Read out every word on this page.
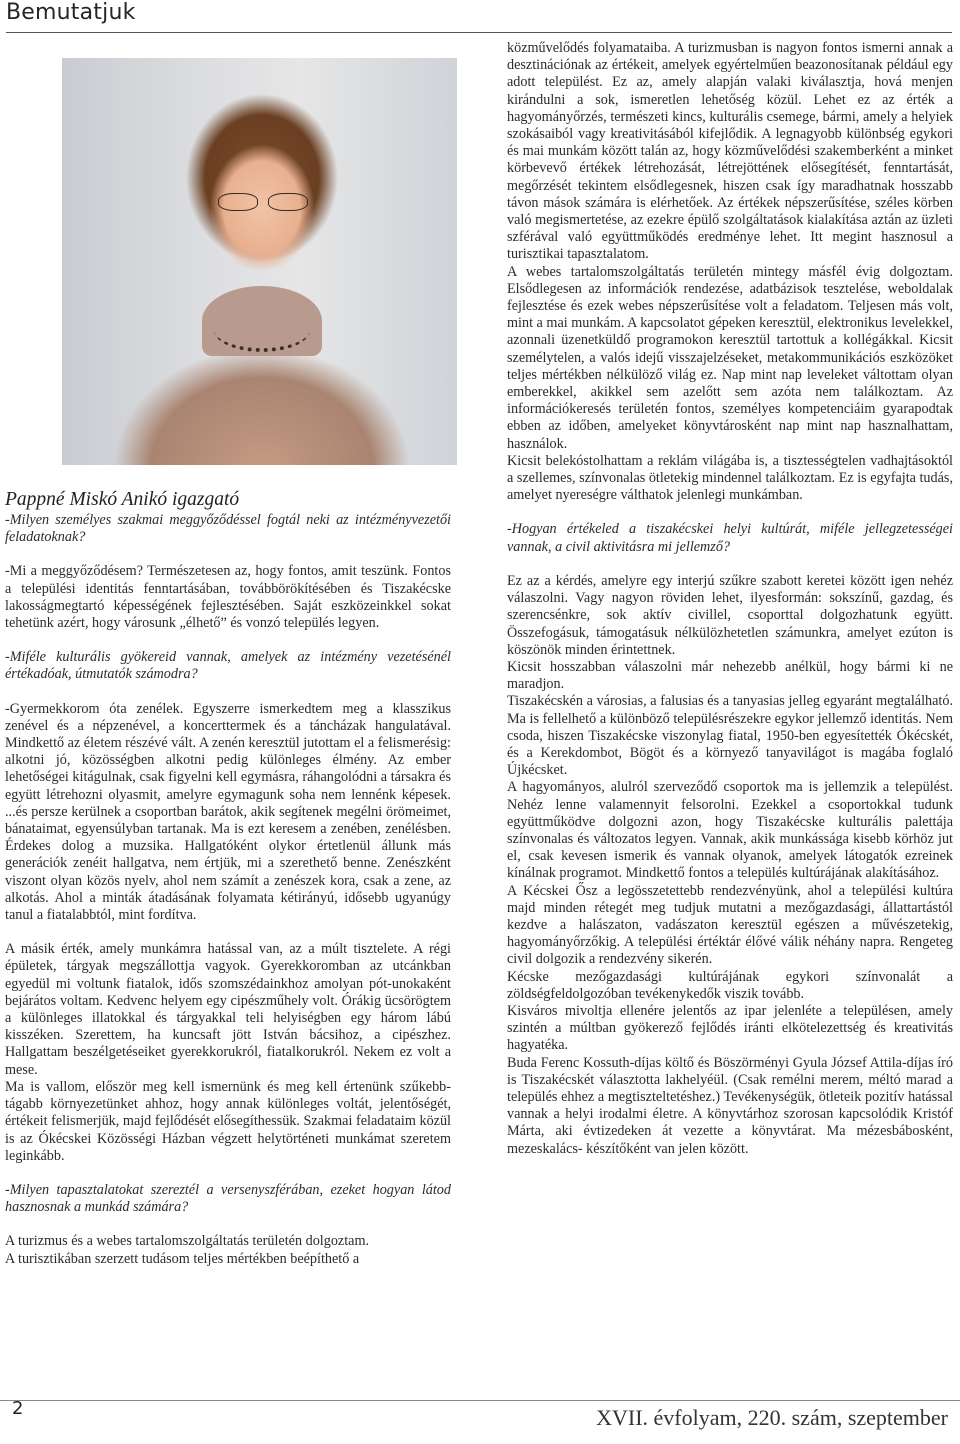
Bemutatjuk

Pappné Miskó Anikó igazgató

-Milyen személyes szakmai meggyőződéssel fogtál neki az intézményvezetői feladatoknak?

-Mi a meggyőződésem? Természetesen az, hogy fontos, amit teszünk. Fontos a települési identitás fenntartásában, továbbörökítésében és Tiszakécske lakosságmegtartó képességének fejlesztésében. Saját eszközeinkkel sokat tehetünk azért, hogy városunk „élhető” és vonzó település legyen.

-Miféle kulturális gyökereid vannak, amelyek az intézmény vezetésénél értékadóak, útmutatók számodra?

-Gyermekkorom óta zenélek. Egyszerre ismerkedtem meg a klasszikus zenével és a népzenével, a koncerttermek és a táncházak hangulatával. Mindkettő az életem részévé vált. A zenén keresztül jutottam el a felismerésig: alkotni jó, közösségben alkotni pedig különleges élmény. Az ember lehetőségei kitágulnak, csak figyelni kell egymásra, ráhangolódni a társakra és együtt létrehozni olyasmit, amelyre egymagunk soha nem lennénk képesek. ...és persze kerülnek a csoportban barátok, akik segítenek megélni örömeimet, bánataimat, egyensúlyban tartanak. Ma is ezt keresem a zenében, zenélésben. Érdekes dolog a muzsika. Hallgatóként olykor értetlenül állunk más generációk zenéit hallgatva, nem értjük, mi a szerethető benne. Zenészként viszont olyan közös nyelv, ahol nem számít a zenészek kora, csak a zene, az alkotás. Ahol a minták átadásának folyamata kétirányú, idősebb ugyanúgy tanul a fiatalabbtól, mint fordítva.

A másik érték, amely munkámra hatással van, az a múlt tisztelete. A régi épületek, tárgyak megszállottja vagyok. Gyerekkoromban az utcánkban egyedül mi voltunk fiatalok, idős szomszédainkhoz amolyan pót-unokaként bejárátos voltam. Kedvenc helyem egy cipészműhely volt. Órákig ücsörögtem a különleges illatokkal és tárgyakkal teli helyiségben egy három lábú kisszéken. Szerettem, ha kuncsaft jött István bácsihoz, a cipészhez. Hallgattam beszélgetéseiket gyerekkorukról, fiatalkorukról. Nekem ez volt a mese.

Ma is vallom, először meg kell ismernünk és meg kell értenünk szűkebb-tágabb környezetünket ahhoz, hogy annak különleges voltát, jelentőségét, értékeit felismerjük, majd fejlődését elősegíthessük. Szakmai feladataim közül is az Ókécskei Közösségi Házban végzett helytörténeti munkámat szeretem leginkább.

-Milyen tapasztalatokat szereztél a versenyszférában, ezeket hogyan látod hasznosnak a munkád számára?

A turizmus és a webes tartalomszolgáltatás területén dolgoztam.

A turisztikában szerzett tudásom teljes mértékben beépíthető a

közművelődés folyamataiba. A turizmusban is nagyon fontos ismerni annak a desztinációnak az értékeit, amelyek egyértelműen beazonosítanak például egy adott települést. Ez az, amely alapján valaki kiválasztja, hová menjen kirándulni a sok, ismeretlen lehetőség közül. Lehet ez az érték a hagyományőrzés, természeti kincs, kulturális csemege, bármi, amely a helyiek szokásaiból vagy kreativitásából kifejlődik. A legnagyobb különbség egykori és mai munkám között talán az, hogy közművelődési szakemberként a minket körbevevő értékek létrehozását, létrejöttének elősegítését, fenntartását, megőrzését tekintem elsődlegesnek, hiszen csak így maradhatnak hosszabb távon mások számára is elérhetőek. Az értékek népszerűsítése, széles körben való megismertetése, az ezekre épülő szolgáltatások kialakítása aztán az üzleti szférával való együttműködés eredménye lehet. Itt megint hasznosul a turisztikai tapasztalatom.

A webes tartalomszolgáltatás területén mintegy másfél évig dolgoztam. Elsődlegesen az információk rendezése, adatbázisok tesztelése, weboldalak fejlesztése és ezek webes népszerűsítése volt a feladatom. Teljesen más volt, mint a mai munkám. A kapcsolatot gépeken keresztül, elektronikus levelekkel, azonnali üzenetküldő programokon keresztül tartottuk a kollégákkal. Kicsit személytelen, a valós idejű visszajelzéseket, metakommunikációs eszközöket teljes mértékben nélkülöző világ ez. Nap mint nap leveleket váltottam olyan emberekkel, akikkel sem azelőtt sem azóta nem találkoztam. Az információkeresés területén fontos, személyes kompetenciáim gyarapodtak ebben az időben, amelyeket könyvtárosként nap mint nap hasznalhattam, használok.

Kicsit belekóstolhattam a reklám világába is, a tisztességtelen vadhajtásoktól a szellemes, színvonalas ötletekig mindennel találkoztam. Ez is egyfajta tudás, amelyet nyereségre válthatok jelenlegi munkámban.

-Hogyan értékeled a tiszakécskei helyi kultúrát, miféle jellegzetességei vannak, a civil aktivitásra mi jellemző?

Ez az a kérdés, amelyre egy interjú szűkre szabott keretei között igen nehéz válaszolni. Vagy nagyon röviden lehet, ilyesformán: sokszínű, gazdag, és szerencsénkre, sok aktív civillel, csoporttal dolgozhatunk együtt. Összefogásuk, támogatásuk nélkülözhetetlen számunkra, amelyet ezúton is köszönök minden érintettnek.

Kicsit hosszabban válaszolni már nehezebb anélkül, hogy bármi ki ne maradjon.

Tiszakécskén a városias, a falusias és a tanyasias jelleg egyaránt megtalálható. Ma is fellelhető a különböző településrészekre egykor jellemző identitás. Nem csoda, hiszen Tiszakécske viszonylag fiatal, 1950-ben egyesítették Ókécskét, és a Kerekdombot, Bögöt és a környező tanyavilágot is magába foglaló Újkécsket.

A hagyományos, alulról szerveződő csoportok ma is jellemzik a települést. Nehéz lenne valamennyit felsorolni. Ezekkel a csoportokkal tudunk együttműködve dolgozni azon, hogy Tiszakécske kulturális palettája színvonalas és változatos legyen. Vannak, akik munkássága kisebb körhöz jut el, csak kevesen ismerik és vannak olyanok, amelyek látogatók ezreinek kínálnak programot. Mindkettő fontos a település kultúrájának alakításához.

A Kécskei Ősz a legösszetettebb rendezvényünk, ahol a települési kultúra majd minden rétegét meg tudjuk mutatni a mezőgazdasági, állattartástól kezdve a halászaton, vadászaton keresztül egészen a művészetekig, hagyományőrzőkig. A települési értéktár élővé válik néhány napra. Rengeteg civil dolgozik a rendezvény sikerén.

Kécske mezőgazdasági kultúrájának egykori színvonalát a zöldségfeldolgozóban tevékenykedők viszik tovább.

Kisváros mivoltja ellenére jelentős az ipar jelenléte a településen, amely szintén a múltban gyökerező fejlődés iránti elkötelezettség és kreativitás hagyatéka.

Buda Ferenc Kossuth-díjas költő és Böszörményi Gyula József Attila-díjas író is Tiszakécskét választotta lakhelyéül. (Csak remélni merem, méltó marad a település ehhez a megtiszteltetéshez.) Tevékenységük, ötleteik pozitív hatással vannak a helyi irodalmi életre. A könyvtárhoz szorosan kapcsolódik Kristóf Márta, aki évtizedeken át vezette a könyvtárat. Ma mézesbábosként, mezeskalács- készítőként van jelen között.

2	XVII. évfolyam, 220. szám, szeptember
